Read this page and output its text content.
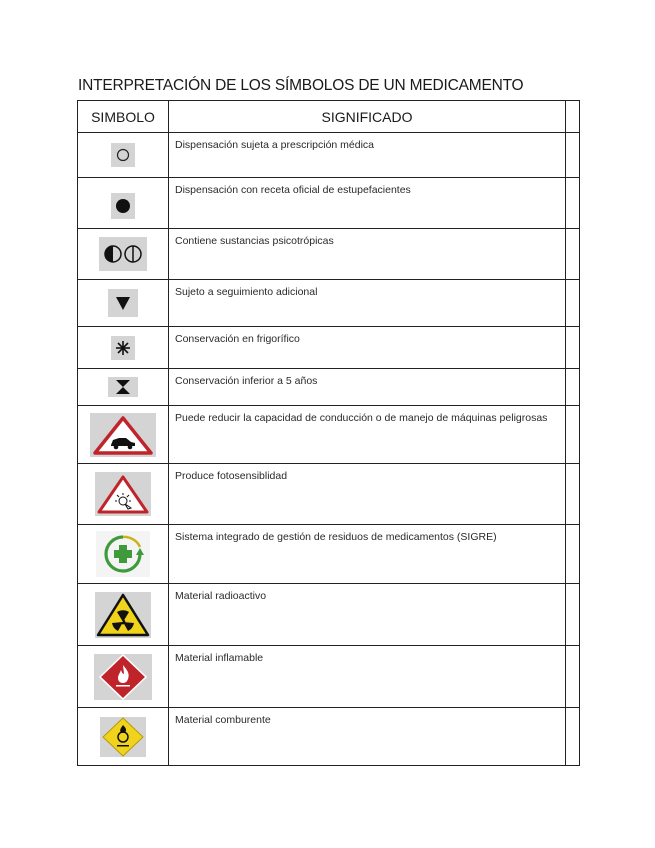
INTERPRETACIÓN DE LOS SÍMBOLOS DE UN MEDICAMENTO
SIMBOLO	SIGNIFICADO	

	Dispensación sujeta a prescripción médica	

	Dispensación con receta oficial de estupefacientes	

	Contiene sustancias psicotrópicas	

	Sujeto a seguimiento adicional	

	Conservación en frigorífico	

	Conservación inferior a 5 años	

	Puede reducir la capacidad de conducción o de manejo de máquinas peligrosas	

	Produce fotosensiblidad	

	Sistema integrado de gestión de residuos de medicamentos (SIGRE)	

	Material radioactivo	

	Material inflamable	

	Material comburente	
